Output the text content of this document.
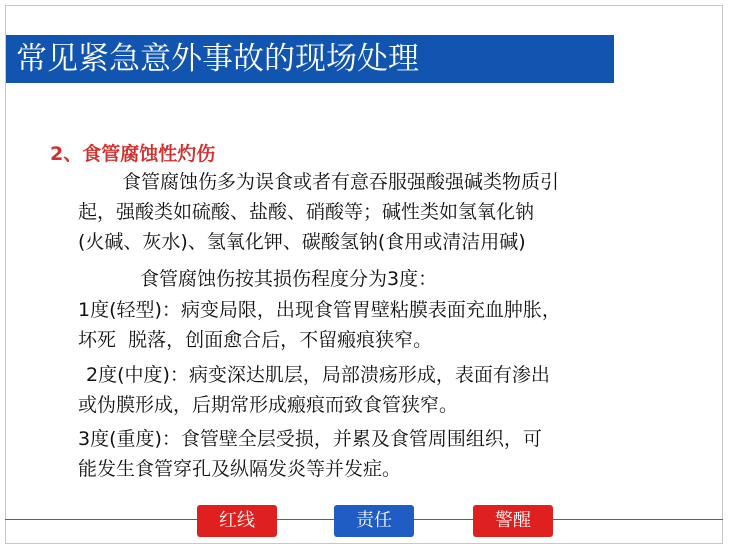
常见紧急意外事故的现场处理
2、食管腐蚀性灼伤
食管腐蚀伤多为误食或者有意吞服强酸强碱类物质引
起，强酸类如硫酸、盐酸、硝酸等；碱性类如氢氧化钠
(火碱、灰水)、氢氧化钾、碳酸氢钠(食用或清洁用碱)
食管腐蚀伤按其损伤程度分为3度：
1度(轻型)：病变局限，出现食管胃壁粘膜表面充血肿胀，
坏死  脱落，创面愈合后，不留瘢痕狭窄。
2度(中度)：病变深达肌层，局部溃疡形成，表面有渗出
或伪膜形成，后期常形成瘢痕而致食管狭窄。
3度(重度)：食管壁全层受损，并累及食管周围组织，可
能发生食管穿孔及纵隔发炎等并发症。
红线	责任	警醒
